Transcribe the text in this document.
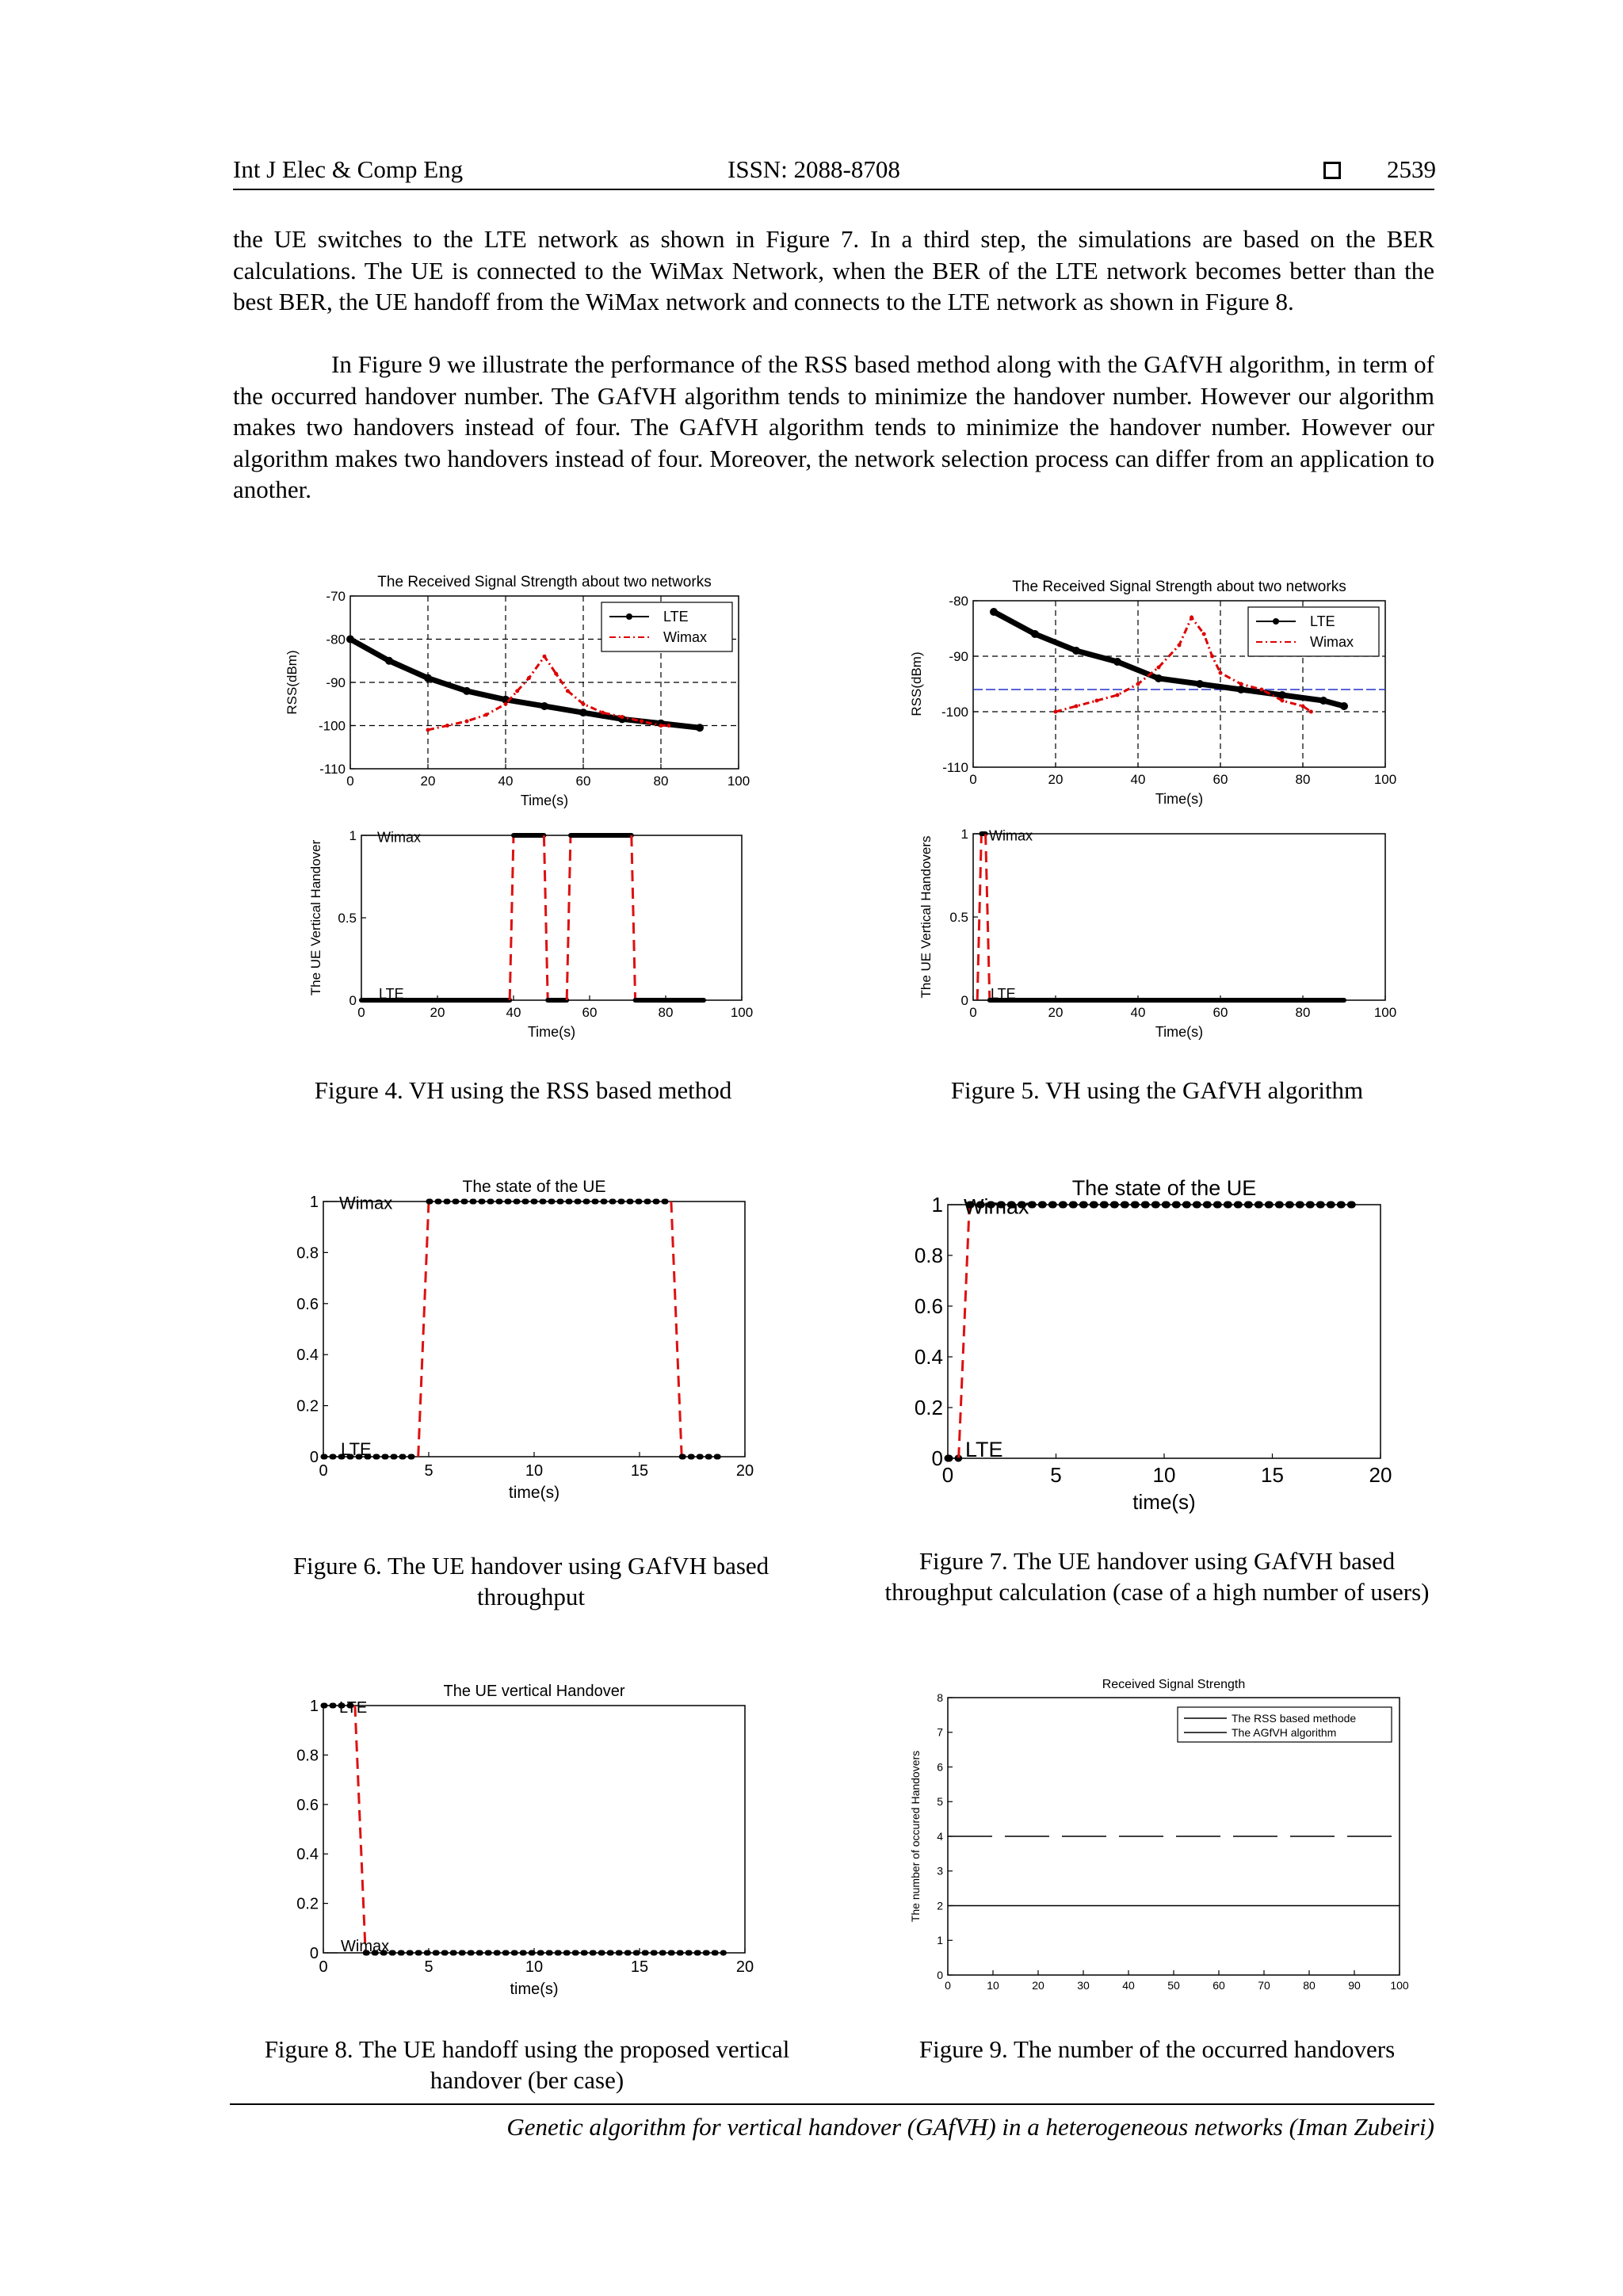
Int J Elec & Comp Eng	ISSN: 2088-8708	2539

the UE switches to the LTE network as shown in Figure 7. In a third step, the simulations are based on the BER calculations. The UE is connected to the WiMax Network, when the BER of the LTE network becomes better than the best BER, the UE handoff from the WiMax network and connects to the LTE network as shown in Figure 8.

In Figure 9 we illustrate the performance of the RSS based method along with the GAfVH algorithm, in term of the occurred handover number. The GAfVH algorithm tends to minimize the handover number. However our algorithm makes two handovers instead of four. The GAfVH algorithm tends to minimize the handover number. However our algorithm makes two handovers instead of four. Moreover, the network selection process can differ from an application to another.

0	20	40	60	80	100
-110
-100
-90
-80
-70
The Received Signal Strength about two networks
Time(s)
RSS(dBm)
LTE
Wimax
0	20	40	60	80	100
0
0.5
1
Time(s)
The UE Vertical Handover
Wimax
LTE
0	20	40	60	80	100
-110
-100
-90
-80
The Received Signal Strength about two networks
Time(s)
RSS(dBm)
LTE
Wimax
0	20	40	60	80	100
0
0.5
1
Time(s)
The UE Vertical Handovers
Wimax
LTE
Figure 4. VH using the RSS based method	Figure 5. VH using the GAfVH algorithm
0	5	10	15	20
0
0.2
0.4
0.6
0.8
1
The state of the UE
time(s)
Wimax
LTE
0	5	10	15	20
0
0.2
0.4
0.6
0.8
1
The state of the UE
time(s)
Wimax
LTE
Figure 6. The UE handover using GAfVH based
throughput
Figure 7. The UE handover using GAfVH based
throughput calculation (case of a high number of users)
0	5	10	15	20
0
0.2
0.4
0.6
0.8
1
The UE vertical Handover
time(s)
LTE
Wimax
0	10	20	30	40	50	60	70	80	90	100
0
1
2
3
4
5
6
7
8
Received Signal Strength
The number of occured Handovers
The RSS based methode
The AGfVH algorithm
Figure 8. The UE handoff using the proposed vertical
handover (ber case)
Figure 9. The number of the occurred handovers
Genetic algorithm for vertical handover (GAfVH) in a heterogeneous networks (Iman Zubeiri)
